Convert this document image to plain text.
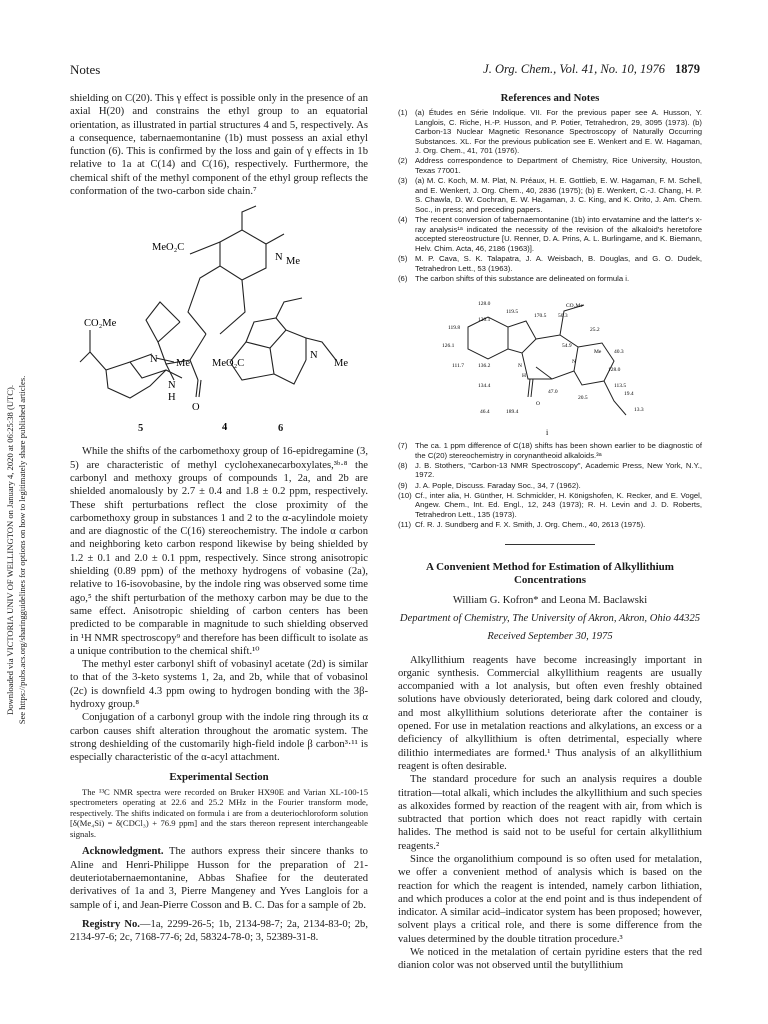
Notes	J. Org. Chem., Vol. 41, No. 10, 1976 1879
Downloaded via VICTORIA UNIV OF WELLINGTON on January 4, 2020 at 06:25:38 (UTC). See https://pubs.acs.org/sharingguidelines for options on how to legitimately share published articles.

shielding on C(20). This γ effect is possible only in the presence of an axial H(20) and constrains the ethyl group to an equatorial orientation, as illustrated in partial structures 4 and 5, respectively. As a consequence, tabernaemontanine (1b) must possess an axial ethyl function (6). This is confirmed by the loss and gain of γ effects in 1b relative to 1a at C(14) and C(16), respectively. Furthermore, the chemical shift of the methyl component of the ethyl group reflects the conformation of the two-carbon side chain.⁷

MeO₂C
N Me
N
H
O
4
CO₂Me
N Me MeO₂C
N
Me
5	6

While the shifts of the carbomethoxy group of 16-epidregamine (3, 5) are characteristic of methyl cyclohexanecarboxylates,³ᵇ·⁸ the carbonyl and methoxy groups of compounds 1, 2a, and 2b are shielded anomalously by 2.7 ± 0.4 and 1.8 ± 0.2 ppm, respectively. These shift perturbations reflect the close proximity of the carbomethoxy group in substances 1 and 2 to the α-acylindole moiety and are diagnostic of the C(16) stereochemistry. The indole α carbon and neighboring keto carbon respond likewise by being shielded by 1.2 ± 0.1 and 2.0 ± 0.1 ppm, respectively. Since strong anisotropic shielding (0.89 ppm) of the methoxy hydrogens of vobasine (2a), relative to 16-isovobasine, by the indole ring was observed some time ago,⁵ the shift perturbation of the methoxy carbon may be due to the same effect. Anisotropic shielding of carbon centers has been predicted to be comparable in magnitude to such shielding observed in ¹H NMR spectroscopy⁹ and therefore has been difficult to isolate as a unique contribution to the chemical shift.¹⁰

The methyl ester carbonyl shift of vobasinyl acetate (2d) is similar to that of the 3-keto systems 1, 2a, and 2b, while that of vobasinol (2c) is downfield 4.3 ppm owing to hydrogen bonding with the 3β-hydroxy group.⁸

Conjugation of a carbonyl group with the indole ring through its α carbon causes shift alteration throughout the aromatic system. The strong deshielding of the customarily high-field indole β carbon³·¹¹ is especially characteristic of the α-acyl attachment.

Experimental Section

The ¹³C NMR spectra were recorded on Bruker HX90E and Varian XL-100-15 spectrometers operating at 22.6 and 25.2 MHz in the Fourier transform mode, respectively. The shifts indicated on formula i are from a deuteriochloroform solution [δ(Me₄Si) = δ(CDCl₃) + 76.9 ppm] and the stars thereon represent interchangeable signals.

Acknowledgment. The authors express their sincere thanks to Aline and Henri-Philippe Husson for the preparation of 21-deuteriotabernaemontanine, Abbas Shafiee for the deuterated derivatives of 1a and 3, Pierre Mangeney and Yves Langlois for a sample of i, and Jean-Pierre Cosson and B. C. Das for a sample of 2b.

Registry No.—1a, 2299-26-5; 1b, 2134-98-7; 2a, 2134-83-0; 2b, 2134-97-6; 2c, 7168-77-6; 2d, 58324-78-0; 3, 52389-31-8.

References and Notes
(1) (a) Études en Série Indolique. VII. For the previous paper see A. Husson, Y. Langlois, C. Riche, H.-P. Husson, and P. Potier, Tetrahedron, 29, 3095 (1973). (b) Carbon-13 Nuclear Magnetic Resonance Spectroscopy of Naturally Occurring Substances. XL. For the previous publication see E. Wenkert and E. W. Hagaman, J. Org. Chem., 41, 701 (1976).
(2) Address correspondence to Department of Chemistry, Rice University, Houston, Texas 77001.
(3) (a) M. C. Koch, M. M. Plat, N. Préaux, H. E. Gottlieb, E. W. Hagaman, F. M. Schell, and E. Wenkert, J. Org. Chem., 40, 2836 (1975); (b) E. Wenkert, C.-J. Chang, H. P. S. Chawla, D. W. Cochran, E. W. Hagaman, J. C. King, and K. Orito, J. Am. Chem. Soc., in press; and preceding papers.
(4) The recent conversion of tabernaemontanine (1b) into ervatamine and the latter's x-ray analysis¹ᵃ indicated the necessity of the revision of the alkaloid's heretofore accepted stereostructure [U. Renner, D. A. Prins, A. L. Burlingame, and K. Biemann, Helv. Chim. Acta, 46, 2186 (1963)].
(5) M. P. Cava, S. K. Talapatra, J. A. Weisbach, B. Douglas, and G. O. Dudek, Tetrahedron Lett., 53 (1963).
(6) The carbon shifts of this substance are delineated on formula i.
128.0
119.5
170.5 50.3
119.8
120.1
CO₂Me
25.2
126.1	54.9
Me 40.3
111.7	136.2	N
H
N
128.0
113.5
19.4
47.0
20.5
13.3
134.4
O
46.4	189.4
i
(7) The ca. 1 ppm difference of C(18) shifts has been shown earlier to be diagnostic of the C(20) stereochemistry in corynantheoid alkaloids.³ᵃ
(8) J. B. Stothers, "Carbon-13 NMR Spectroscopy", Academic Press, New York, N.Y., 1972.
(9) J. A. Pople, Discuss. Faraday Soc., 34, 7 (1962).
(10) Cf., inter alia, H. Günther, H. Schmickler, H. Königshofen, K. Recker, and E. Vogel, Angew. Chem., Int. Ed. Engl., 12, 243 (1973); R. H. Levin and J. D. Roberts, Tetrahedron Lett., 135 (1973).
(11) Cf. R. J. Sundberg and F. X. Smith, J. Org. Chem., 40, 2613 (1975).
A Convenient Method for Estimation of Alkyllithium Concentrations
William G. Kofron* and Leona M. Baclawski
Department of Chemistry, The University of Akron, Akron, Ohio 44325
Received September 30, 1975

Alkyllithium reagents have become increasingly important in organic synthesis. Commercial alkyllithium reagents are usually accompanied with a lot analysis, but often even freshly obtained solutions have obviously deteriorated, being dark colored and cloudy, and most alkyllithium solutions deteriorate after the container is opened. For use in metalation reactions and alkylations, an excess or a deficiency of alkyllithium is often detrimental, especially where dilithio intermediates are formed.¹ Thus analysis of an alkyllithium reagent is often desirable.

The standard procedure for such an analysis requires a double titration—total alkali, which includes the alkyllithium and such species as alkoxides formed by reaction of the reagent with air, from which is subtracted that portion which does not react rapidly with certain halides. The method is said not to be useful for certain alkyllithium reagents.²

Since the organolithium compound is so often used for metalation, we offer a convenient method of analysis which is based on the reaction for which the reagent is intended, namely carbon lithiation, and which produces a color at the end point and is thus independent of indicator. A similar acid–indicator system has been proposed; however, solvent plays a critical role, and there is some difference from the values determined by the double titration procedure.³

We noticed in the metalation of certain pyridine esters that the red dianion color was not observed until the butyllithium
